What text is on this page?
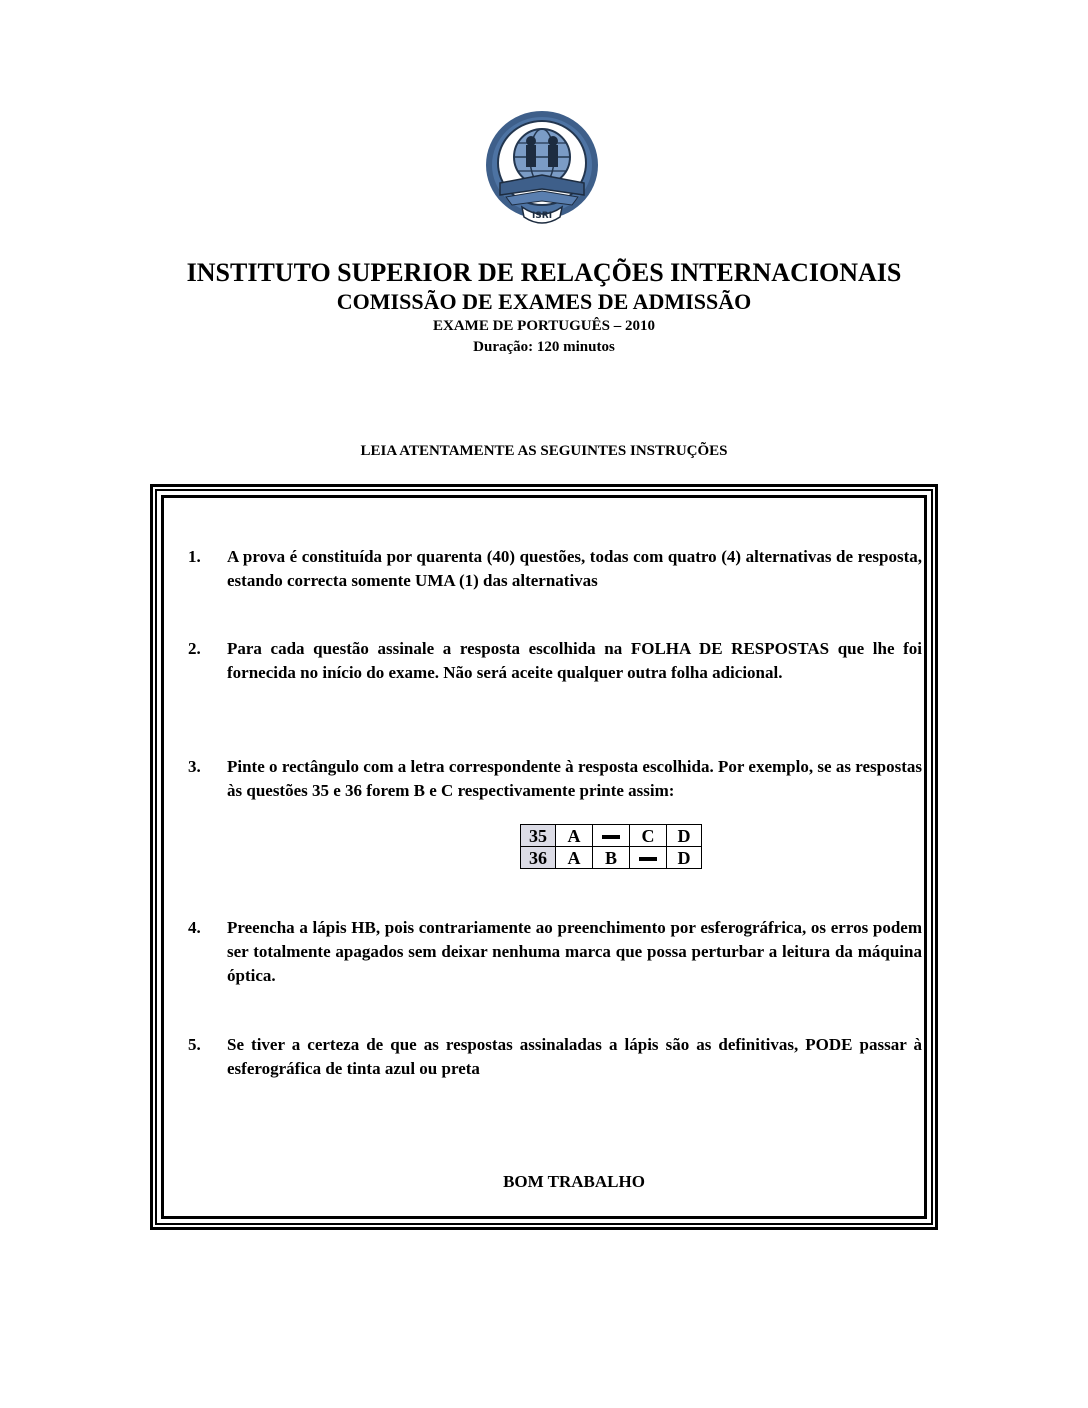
ISRI
INSTITUTO SUPERIOR DE RELAÇÕES INTERNACIONAIS
COMISSÃO DE EXAMES DE ADMISSÃO
EXAME DE PORTUGUÊS – 2010
Duração: 120 minutos
LEIA ATENTAMENTE AS SEGUINTES INSTRUÇÕES
1.	A prova é constituída por quarenta (40) questões, todas com quatro (4) alternativas de resposta, estando correcta somente UMA (1) das alternativas
2.	Para cada questão assinale a resposta escolhida na FOLHA DE RESPOSTAS que lhe foi fornecida no início do exame. Não será aceite qualquer outra folha adicional.
3.	Pinte o rectângulo com a letra correspondente à resposta escolhida. Por exemplo, se as respostas às questões 35 e 36 forem B e C respectivamente printe assim:
35	A		C	D
36	A	B		D
4.	Preencha a lápis HB, pois contrariamente ao preenchimento por esferográfrica, os erros podem ser totalmente apagados sem deixar nenhuma marca que possa perturbar a leitura da máquina óptica.
5.	Se tiver a certeza de que as respostas assinaladas a lápis são as definitivas, PODE passar à esferográfica de tinta azul ou preta
BOM TRABALHO
